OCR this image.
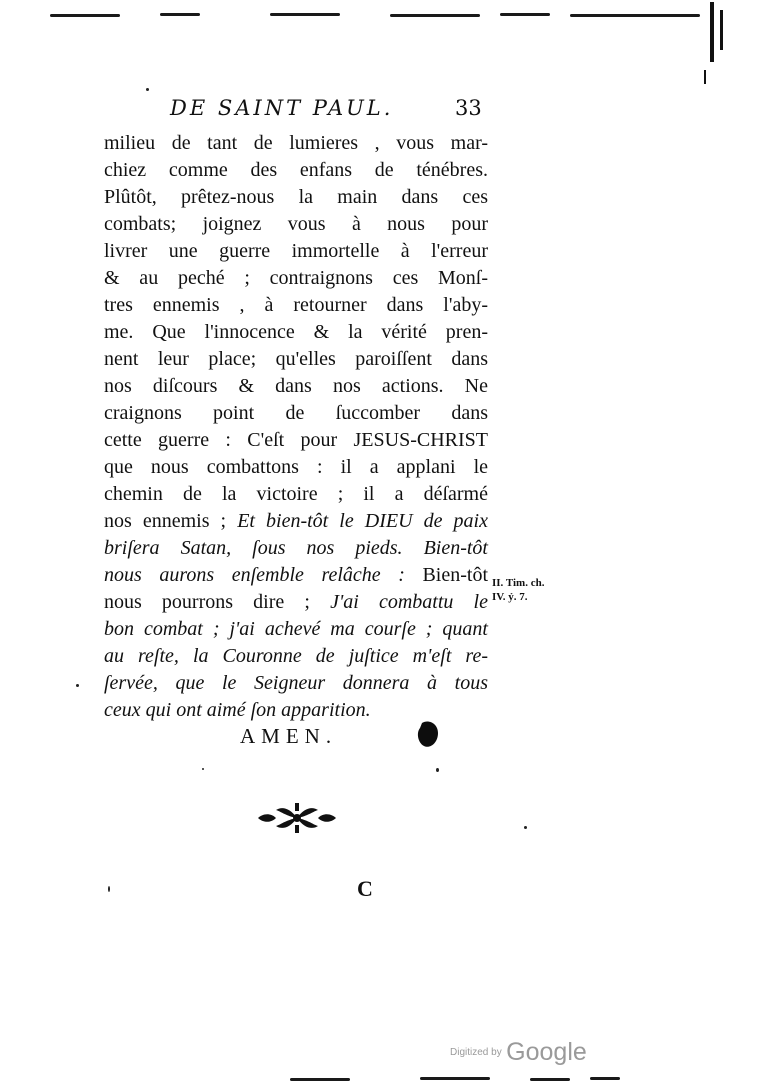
DE SAINT PAUL.	33
milieu de tant de lumieres , vous mar-
chiez comme des enfans de ténébres.
Plûtôt, prêtez-nous la main dans ces
combats; joignez vous à nous pour
livrer une guerre immortelle à l'erreur
& au peché ; contraignons ces Monſ-
tres ennemis , à retourner dans l'aby-
me. Que l'innocence & la vérité pren-
nent leur place; qu'elles paroiſſent dans
nos diſcours & dans nos actions. Ne
craignons point de ſuccomber dans
cette guerre : C'eſt pour JESUS-CHRIST
que nous combattons : il a applani le
chemin de la victoire ; il a déſarmé
nos ennemis ; Et bien-tôt le DIEU de paix
briſera Satan, ſous nos pieds. Bien-tôt
nous aurons enſemble relâche : Bien-tôt
nous pourrons dire ; J'ai combattu le
bon combat ; j'ai achevé ma courſe ; quant
au reſte, la Couronne de juſtice m'eſt re-
ſervée, que le Seigneur donnera à tous
ceux qui ont aimé ſon apparition.
II. Tim. ch.
IV. ỷ. 7.
AMEN.
C
Digitized by Google
